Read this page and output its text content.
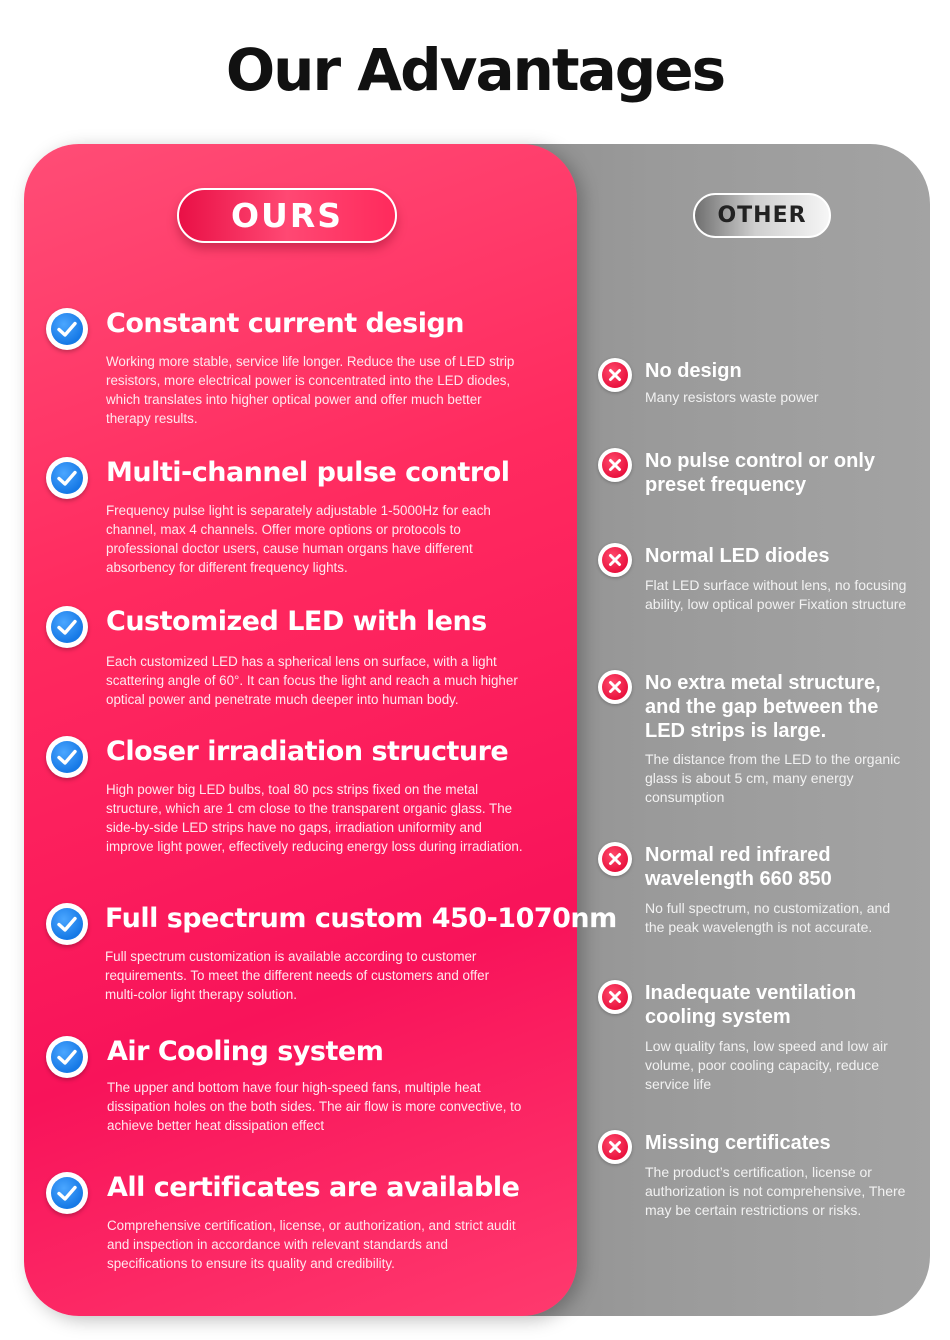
Our Advantages
OURS	OTHER
Constant current design
Working more stable, service life longer. Reduce the use of LED strip resistors, more electrical power is concentrated into the LED diodes, which translates into higher optical power and offer much better therapy results.
Multi-channel pulse control
Frequency pulse light is separately adjustable 1-5000Hz for each channel, max 4 channels. Offer more options or protocols to professional doctor users, cause human organs have different absorbency for different frequency lights.
Customized LED with lens
Each customized LED has a spherical lens on surface, with a light scattering angle of 60°. It can focus the light and reach a much higher optical power and penetrate much deeper into human body.
Closer irradiation structure
High power big LED bulbs, toal 80 pcs strips fixed on the metal structure, which are 1 cm close to the transparent organic glass. The side-by-side LED strips have no gaps, irradiation uniformity and improve light power, effectively reducing energy loss during irradiation.
Full spectrum custom 450-1070nm
Full spectrum customization is available according to customer requirements. To meet the different needs of customers and offer multi-color light therapy solution.
Air Cooling system
The upper and bottom have four high-speed fans, multiple heat dissipation holes on the both sides. The air flow is more convective, to achieve better heat dissipation effect
All certificates are available
Comprehensive certification, license, or authorization, and strict audit and inspection in accordance with relevant standards and specifications to ensure its quality and credibility.
No design
Many resistors waste power
No pulse control or only preset frequency
Normal LED diodes
Flat LED surface without lens, no focusing ability, low optical power Fixation structure
No extra metal structure, and the gap between the LED strips is large.
The distance from the LED to the organic glass is about 5 cm, many energy consumption
Normal red infrared wavelength 660 850
No full spectrum, no customization, and the peak wavelength is not accurate.
Inadequate ventilation cooling system
Low quality fans, low speed and low air volume, poor cooling capacity, reduce service life
Missing certificates
The product’s certification, license or authorization is not comprehensive, There may be certain restrictions or risks.
